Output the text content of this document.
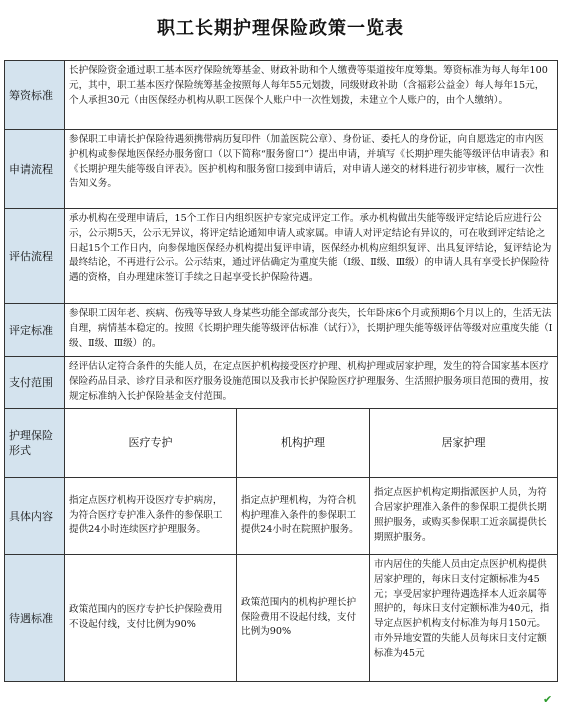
职工长期护理保险政策一览表
筹资标准	长护保险资金通过职工基本医疗保险统筹基金、财政补助和个人缴费等渠道按年度筹集。筹资标准为每人每年100元，其中，职工基本医疗保险统筹基金按照每人每年55元划拨，同级财政补助（含福彩公益金）每人每年15元，个人承担30元（由医保经办机构从职工医保个人账户中一次性划拨，未建立个人账户的，由个人缴纳）。		
申请流程	参保职工申请长护保险待遇须携带病历复印件（加盖医院公章）、身份证、委托人的身份证，向自愿选定的市内医护机构或参保地医保经办服务窗口（以下简称“服务窗口”）提出申请，并填写《长期护理失能等级评估申请表》和《长期护理失能等级自评表》。医护机构和服务窗口接到申请后，对申请人递交的材料进行初步审核，履行一次性告知义务。		
评估流程	承办机构在受理申请后，15个工作日内组织医护专家完成评定工作。承办机构做出失能等级评定结论后应进行公示，公示期5天，公示无异议，将评定结论通知申请人或家属。申请人对评定结论有异议的，可在收到评定结论之日起15个工作日内，向参保地医保经办机构提出复评申请，医保经办机构应组织复评、出具复评结论，复评结论为最终结论，不再进行公示。公示结束，通过评估确定为重度失能（Ⅰ级、Ⅱ级、Ⅲ级）的申请人具有享受长护保险待遇的资格，自办理建床签订手续之日起享受长护保险待遇。		
评定标准	参保职工因年老、疾病、伤残等导致人身某些功能全部或部分丧失，长年卧床6个月或预期6个月以上的，生活无法自理，病情基本稳定的。按照《长期护理失能等级评估标准（试行）》，长期护理失能等级评估等级对应重度失能（Ⅰ级、Ⅱ级、Ⅲ级）的。		
支付范围	经评估认定符合条件的失能人员，在定点医护机构接受医疗护理、机构护理或居家护理，发生的符合国家基本医疗保险药品目录、诊疗目录和医疗服务设施范围以及我市长护保险医疗护理服务、生活照护服务项目范围的费用，按规定标准纳入长护保险基金支付范围。		
护理保险形式	医疗专护	机构护理	居家护理
具体内容	指定点医疗机构开设医疗专护病房，为符合医疗专护准入条件的参保职工提供24小时连续医疗护理服务。	指定点护理机构，为符合机构护理准入条件的参保职工提供24小时在院照护服务。	指定点医护机构定期指派医护人员，为符合居家护理准入条件的参保职工提供长期照护服务，或购买参保职工近亲属提供长期照护服务。
待遇标准	政策范围内的医疗专护长护保险费用不设起付线，支付比例为90%	政策范围内的机构护理长护保险费用不设起付线，支付比例为90%	市内居住的失能人员由定点医护机构提供居家护理的，每床日支付定额标准为45元；享受居家护理待遇选择本人近亲属等照护的，每床日支付定额标准为40元，指导定点医护机构支付标准为每月150元。市外异地安置的失能人员每床日支付定额标准为45元
✔
